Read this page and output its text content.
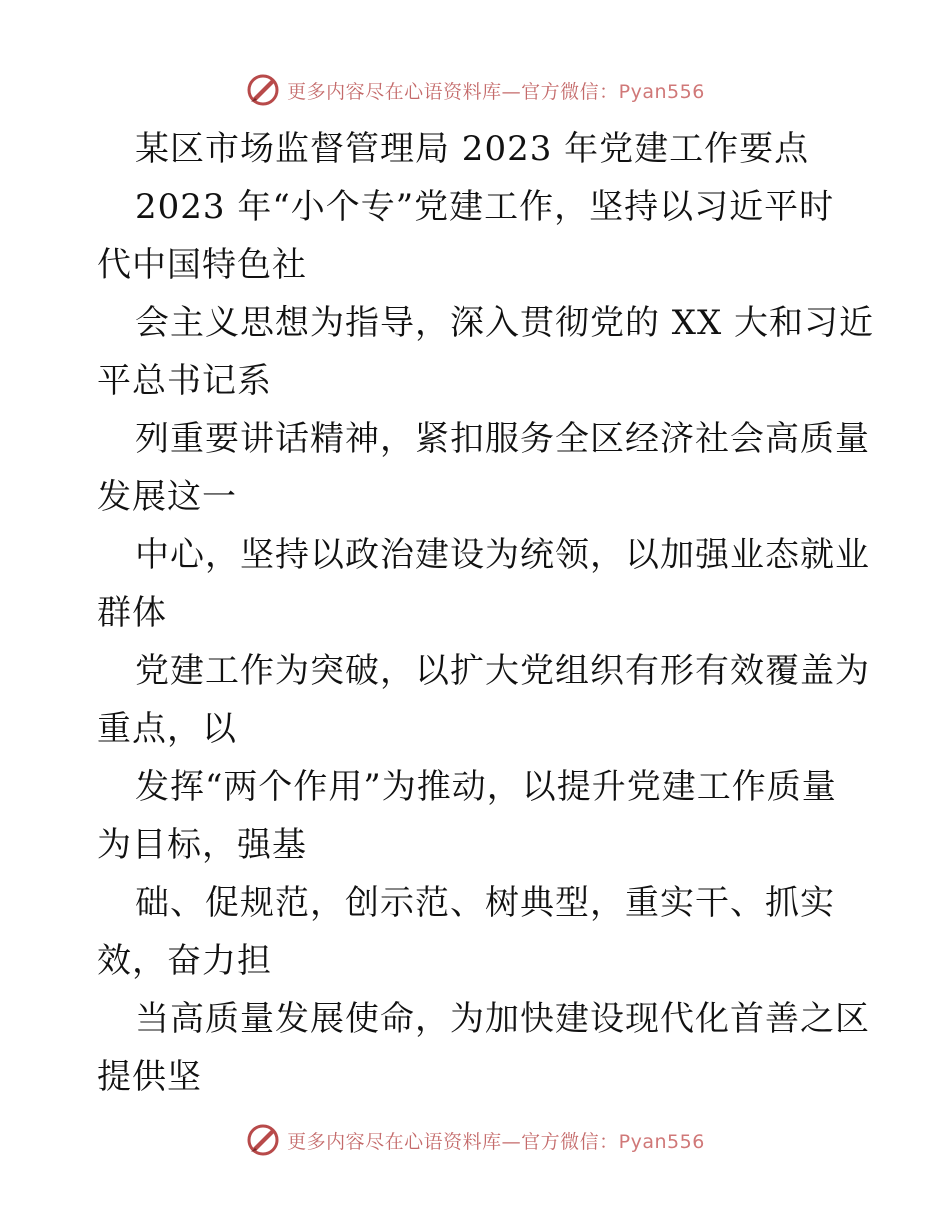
更多内容尽在心语资料库—官方微信：Pyan556
某区市场监督管理局 2023 年党建工作要点
2023 年“小个专”党建工作，坚持以习近平时
代中国特色社
会主义思想为指导，深入贯彻党的 XX 大和习近
平总书记系
列重要讲话精神，紧扣服务全区经济社会高质量
发展这一
中心，坚持以政治建设为统领，以加强业态就业
群体
党建工作为突破，以扩大党组织有形有效覆盖为
重点，以
发挥“两个作用”为推动，以提升党建工作质量
为目标，强基
础、促规范，创示范、树典型，重实干、抓实
效，奋力担
当高质量发展使命，为加快建设现代化首善之区
提供坚
更多内容尽在心语资料库—官方微信：Pyan556
